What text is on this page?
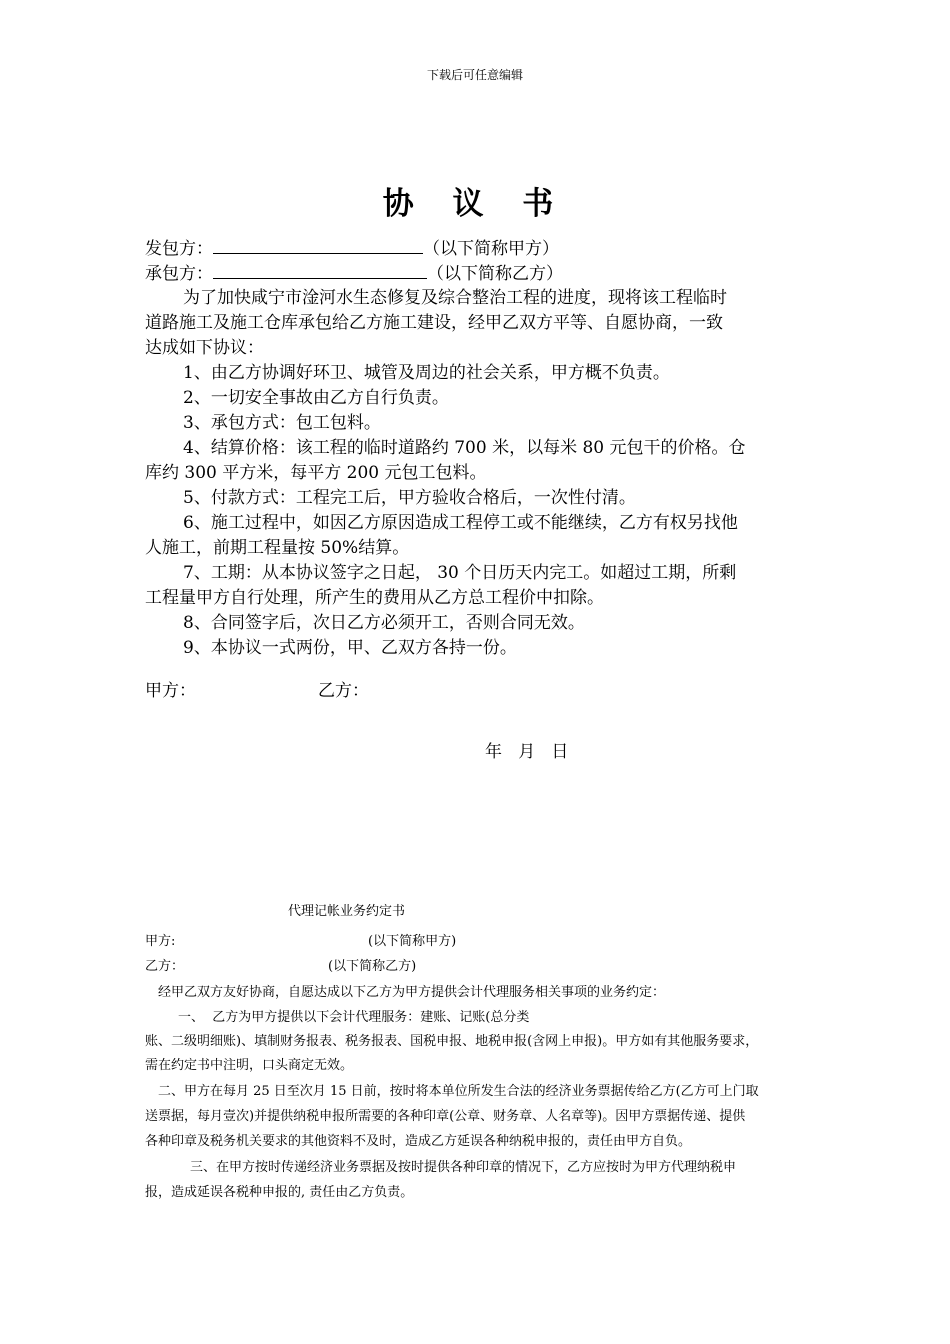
下载后可任意编辑
协 议 书
发包方：	（以下简称甲方）
承包方：	（以下简称乙方）
为了加快咸宁市淦河水生态修复及综合整治工程的进度，现将该工程临时
道路施工及施工仓库承包给乙方施工建设，经甲乙双方平等、自愿协商，一致
达成如下协议：
1、由乙方协调好环卫、城管及周边的社会关系，甲方概不负责。
2、一切安全事故由乙方自行负责。
3、承包方式：包工包料。
4、结算价格：该工程的临时道路约 700 米，以每米 80 元包干的价格。仓
库约 300 平方米，每平方 200 元包工包料。
5、付款方式：工程完工后，甲方验收合格后，一次性付清。
6、施工过程中，如因乙方原因造成工程停工或不能继续，乙方有权另找他
人施工，前期工程量按 50%结算。
7、工期：从本协议签字之日起， 30 个日历天内完工。如超过工期，所剩
工程量甲方自行处理，所产生的费用从乙方总工程价中扣除。
8、合同签字后，次日乙方必须开工，否则合同无效。
9、本协议一式两份，甲、乙双方各持一份。
甲方：	乙方：
年   月   日
代理记帐业务约定书
甲方:	(以下简称甲方)
乙方：	(以下简称乙方)
经甲乙双方友好协商，自愿达成以下乙方为甲方提供会计代理服务相关事项的业务约定：
一、  乙方为甲方提供以下会计代理服务：建账、记账(总分类
账、二级明细账)、填制财务报表、税务报表、国税申报、地税申报(含网上申报)。甲方如有其他服务要求，
需在约定书中注明，口头商定无效。
二、甲方在每月 25 日至次月 15 日前，按时将本单位所发生合法的经济业务票据传给乙方(乙方可上门取
送票据，每月壹次)并提供纳税申报所需要的各种印章(公章、财务章、人名章等)。因甲方票据传递、提供
各种印章及税务机关要求的其他资料不及时，造成乙方延误各种纳税申报的，责任由甲方自负。
三、在甲方按时传递经济业务票据及按时提供各种印章的情况下，乙方应按时为甲方代理纳税申
报，造成延误各税种申报的, 责任由乙方负责。
